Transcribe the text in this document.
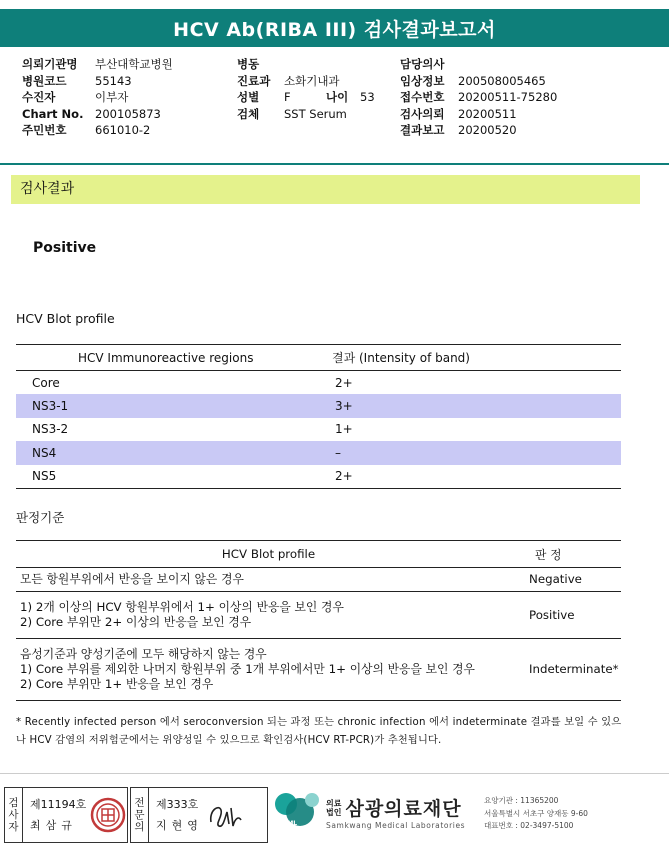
HCV Ab(RIBA III) 검사결과보고서
의뢰기관명	부산대학교병원
병원코드	55143
수진자	이부자
Chart No.	200105873
주민번호	661010-2
병동
진료과	소화기내과
성별	F	나이	53
검체	SST Serum
담당의사
임상정보	200508005465
접수번호	20200511-75280
검사의뢰	20200511
결과보고	20200520
검사결과
Positive
HCV Blot profile
HCV Immunoreactive regions	결과 (Intensity of band)
Core	2+
NS3-1	3+
NS3-2	1+
NS4	–
NS5	2+
판정기준
HCV Blot profile	판 정

모든 항원부위에서 반응을 보이지 않은 경우	Negative

1) 2개 이상의 HCV 항원부위에서 1+ 이상의 반응을 보인 경우
2) Core 부위만 2+ 이상의 반응을 보인 경우	Positive

음성기준과 양성기준에 모두 해당하지 않는 경우
1) Core 부위를 제외한 나머지 항원부위 중 1개 부위에서만 1+ 이상의 반응을 보인 경우
2) Core 부위만 1+ 반응을 보인 경우	Indeterminate*
* Recently infected person 에서 seroconversion 되는 과정 또는 chronic infection 에서 indeterminate 결과를 보일 수 있으나 HCV 감염의 저위험군에서는 위양성일 수 있으므로 확인검사(HCV RT-PCR)가 추천됩니다.
검
사
자
제11194호
최삼규
전
문
의
제333호
지현영
의료
법인 삼광의료재단
Samkwang Medical Laboratories
SML
요양기관 : 11365200
서울특별시 서초구 양재동 9-60
대표번호 : 02-3497-5100
